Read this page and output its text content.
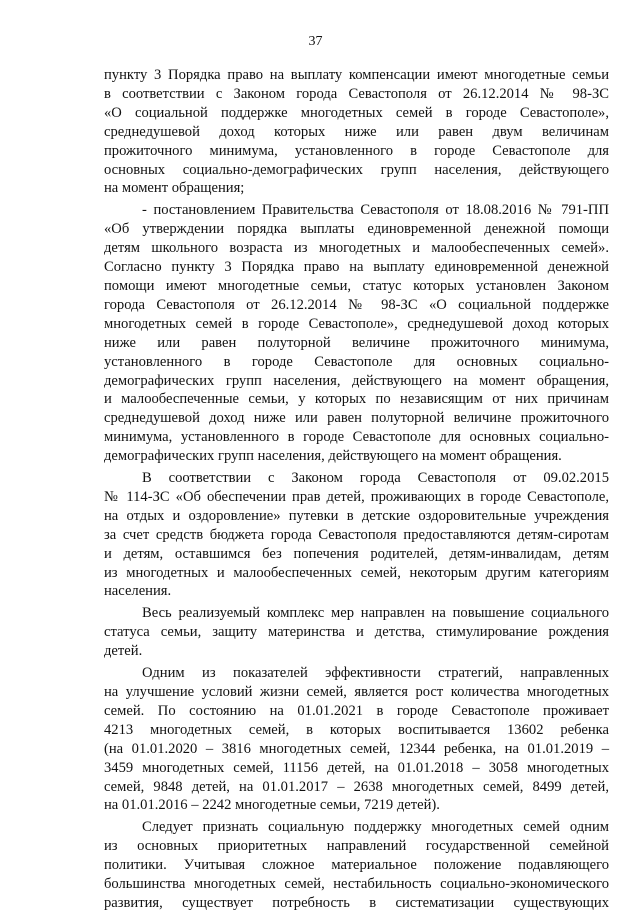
37
пункту 3 Порядка право на выплату компенсации имеют многодетные семьи
в соответствии с Законом города Севастополя от 26.12.2014 № 98-ЗС
«О социальной поддержке многодетных семей в городе Севастополе»,
среднедушевой доход которых ниже или равен двум величинам
прожиточного минимума, установленного в городе Севастополе для
основных социально-демографических групп населения, действующего
на момент обращения;
- постановлением Правительства Севастополя от 18.08.2016 № 791-ПП
«Об утверждении порядка выплаты единовременной денежной помощи
детям школьного возраста из многодетных и малообеспеченных семей».
Согласно пункту 3 Порядка право на выплату единовременной денежной
помощи имеют многодетные семьи, статус которых установлен Законом
города Севастополя от 26.12.2014 № 98-ЗС «О социальной поддержке
многодетных семей в городе Севастополе», среднедушевой доход которых
ниже или равен полуторной величине прожиточного минимума,
установленного в городе Севастополе для основных социально-
демографических групп населения, действующего на момент обращения,
и малообеспеченные семьи, у которых по независящим от них причинам
среднедушевой доход ниже или равен полуторной величине прожиточного
минимума, установленного в городе Севастополе для основных социально-
демографических групп населения, действующего на момент обращения.
В соответствии с Законом города Севастополя от 09.02.2015
№ 114-ЗС «Об обеспечении прав детей, проживающих в городе Севастополе,
на отдых и оздоровление» путевки в детские оздоровительные учреждения
за счет средств бюджета города Севастополя предоставляются детям-сиротам
и детям, оставшимся без попечения родителей, детям-инвалидам, детям
из многодетных и малообеспеченных семей, некоторым другим категориям
населения.
Весь реализуемый комплекс мер направлен на повышение социального
статуса семьи, защиту материнства и детства, стимулирование рождения
детей.
Одним из показателей эффективности стратегий, направленных
на улучшение условий жизни семей, является рост количества многодетных
семей. По состоянию на 01.01.2021 в городе Севастополе проживает
4213 многодетных семей, в которых воспитывается 13602 ребенка
(на 01.01.2020 – 3816 многодетных семей, 12344 ребенка, на 01.01.2019 –
3459 многодетных семей, 11156 детей, на 01.01.2018 – 3058 многодетных
семей, 9848 детей, на 01.01.2017 – 2638 многодетных семей, 8499 детей,
на 01.01.2016 – 2242 многодетные семьи, 7219 детей).
Следует признать социальную поддержку многодетных семей одним
из основных приоритетных направлений государственной семейной
политики. Учитывая сложное материальное положение подавляющего
большинства многодетных семей, нестабильность социально-экономического
развития, существует потребность в систематизации существующих
